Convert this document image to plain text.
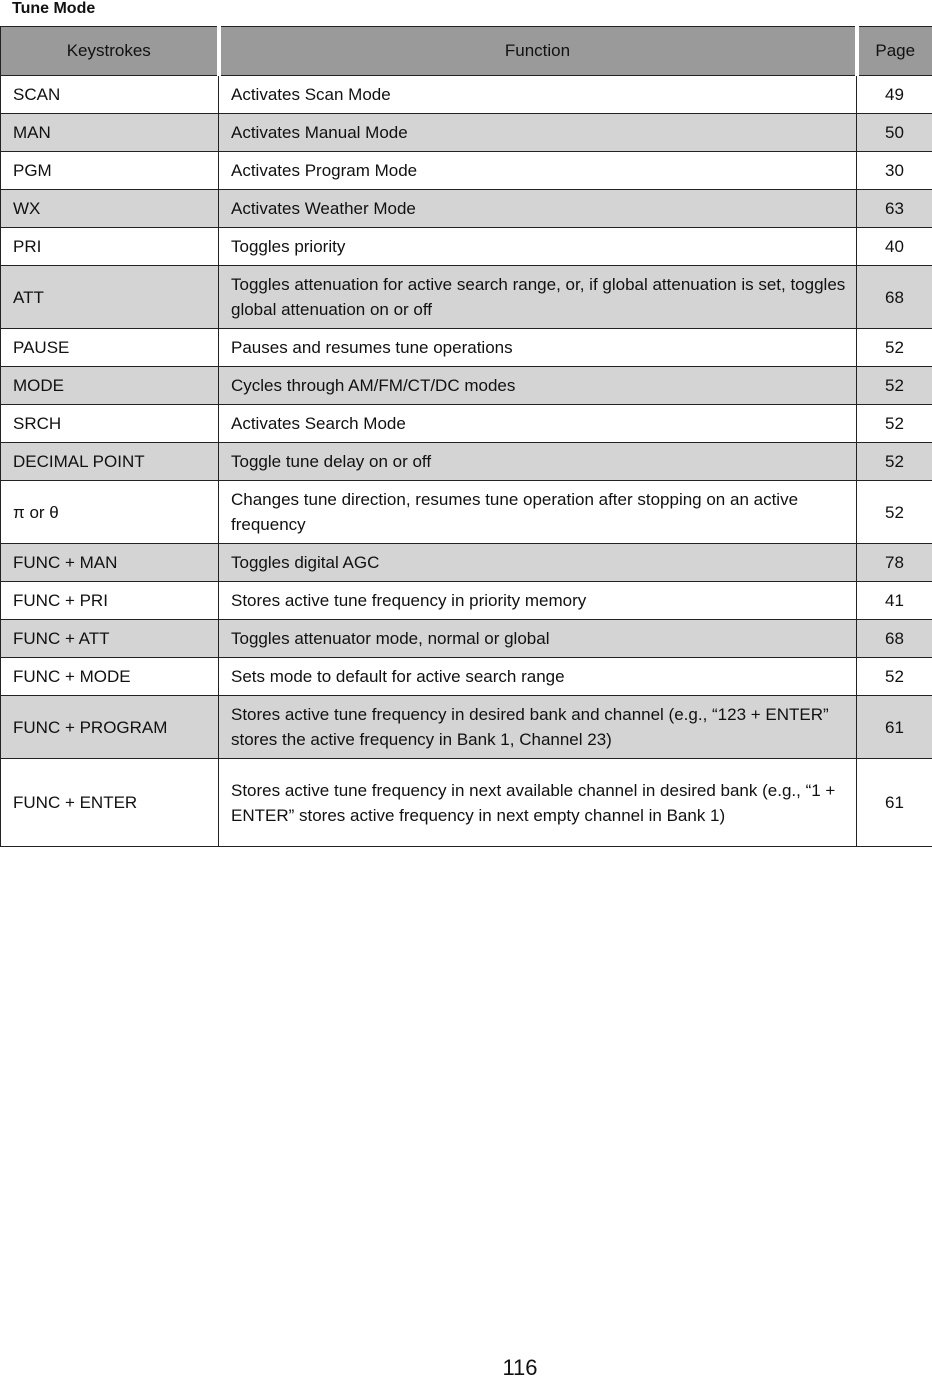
Tune Mode
Keystrokes	Function	Page
SCAN	Activates Scan Mode	49
MAN	Activates Manual Mode	50
PGM	Activates Program Mode	30
WX	Activates Weather Mode	63
PRI	Toggles priority	40
ATT	Toggles attenuation for active search range, or, if global attenuation is set, toggles global attenuation on or off	68
PAUSE	Pauses and resumes tune operations	52
MODE	Cycles through AM/FM/CT/DC modes	52
SRCH	Activates Search Mode	52
DECIMAL POINT	Toggle tune delay on or off	52
π or θ	Changes tune direction, resumes tune operation after stopping on an active frequency	52
FUNC + MAN	Toggles digital AGC	78
FUNC + PRI	Stores active tune frequency in priority memory	41
FUNC + ATT	Toggles attenuator mode, normal or global	68
FUNC + MODE	Sets mode to default for active search range	52
FUNC + PROGRAM	Stores active tune frequency in desired bank and channel (e.g., “123 + ENTER” stores the active frequency in Bank 1, Channel 23)	61
FUNC + ENTER	Stores active tune frequency in next available channel in desired bank (e.g., “1 + ENTER” stores active frequency in next empty channel in Bank 1)	61
116
